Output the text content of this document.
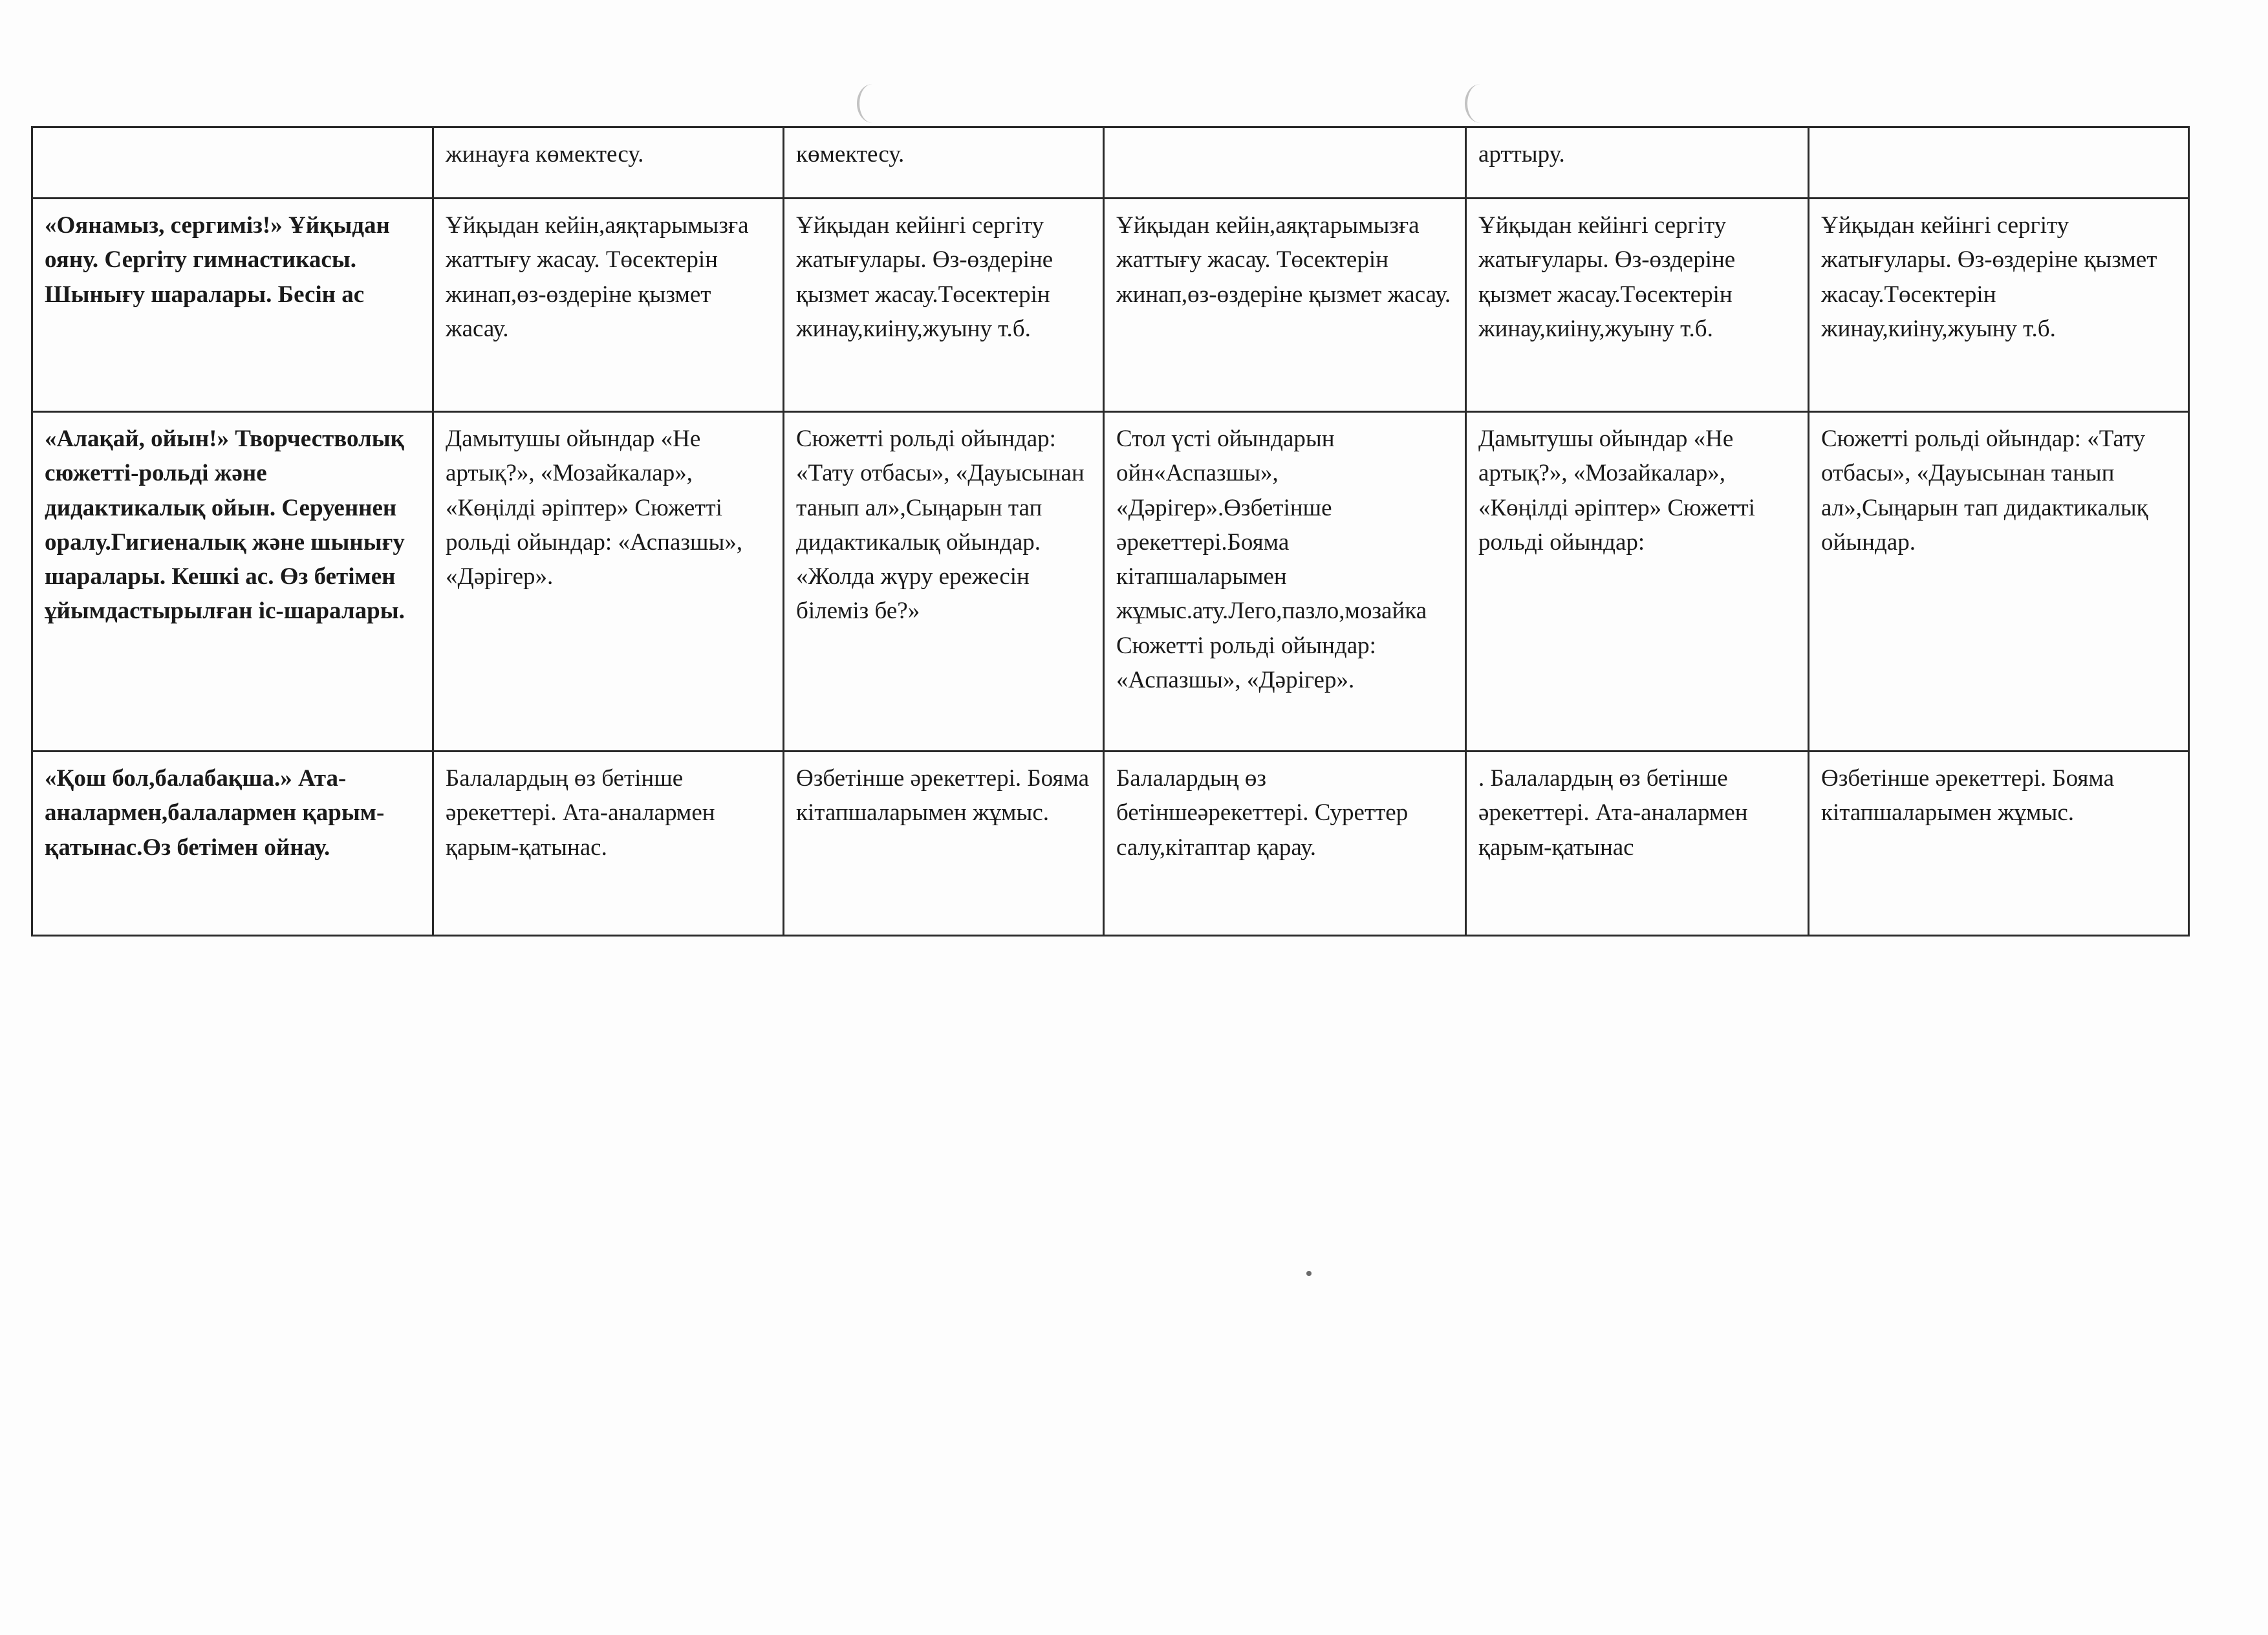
	жинауға көмектесу.	көмектесу.		арттыру.	
«Оянамыз, сергиміз!» Ұйқыдан ояну. Сергіту гимнастикасы. Шынығу шаралары. Бесін ас	Ұйқыдан кейін,аяқтарымызға жаттығу жасау. Төсектерін жинап,өз-өздеріне қызмет жасау.	Ұйқыдан кейінгі сергіту жатығулары. Өз-өздеріне қызмет жасау.Төсектерін жинау,киіну,жуыну т.б.	Ұйқыдан кейін,аяқтарымызға жаттығу жасау. Төсектерін жинап,өз-өздеріне қызмет жасау.	Ұйқыдан кейінгі сергіту жатығулары. Өз-өздеріне қызмет жасау.Төсектерін жинау,киіну,жуыну т.б.	Ұйқыдан кейінгі сергіту жатығулары. Өз-өздеріне қызмет жасау.Төсектерін жинау,киіну,жуыну т.б.
«Алақай, ойын!» Творчестволық сюжетті-рольді және дидактикалық ойын. Серуеннен оралу.Гигиеналық және шынығу шаралары. Кешкі ас. Өз бетімен ұйымдастырылған іс-шаралары.	Дамытушы ойындар «Не артық?», «Мозайкалар», «Көңілді әріптер» Сюжетті рольді ойындар: «Аспазшы», «Дәрігер».	Сюжетті рольді ойындар: «Тату отбасы», «Дауысынан танып ал»,Сыңарын тап дидактикалық ойындар. «Жолда жүру ережесін білеміз бе?»	Стол үсті ойындарын ойн«Аспазшы», «Дәрігер».Өзбетінше әрекеттері.Бояма кітапшаларымен жұмыс.ату.Лего,пазло,мозайка Сюжетті рольді ойындар: «Аспазшы», «Дәрігер».	Дамытушы ойындар «Не артық?», «Мозайкалар», «Көңілді әріптер» Сюжетті рольді ойындар:	Сюжетті рольді ойындар: «Тату отбасы», «Дауысынан танып ал»,Сыңарын тап дидактикалық ойындар.
«Қош бол,балабақша.» Ата-аналармен,балалармен қарым-қатынас.Өз бетімен ойнау.	Балалардың өз бетінше әрекеттері. Ата-аналармен қарым-қатынас.	Өзбетінше әрекеттері. Бояма кітапшаларымен жұмыс.	Балалардың өз бетіншеәрекеттері. Суреттер салу,кітаптар қарау.	. Балалардың өз бетінше әрекеттері. Ата-аналармен қарым-қатынас	Өзбетінше әрекеттері. Бояма кітапшаларымен жұмыс.
